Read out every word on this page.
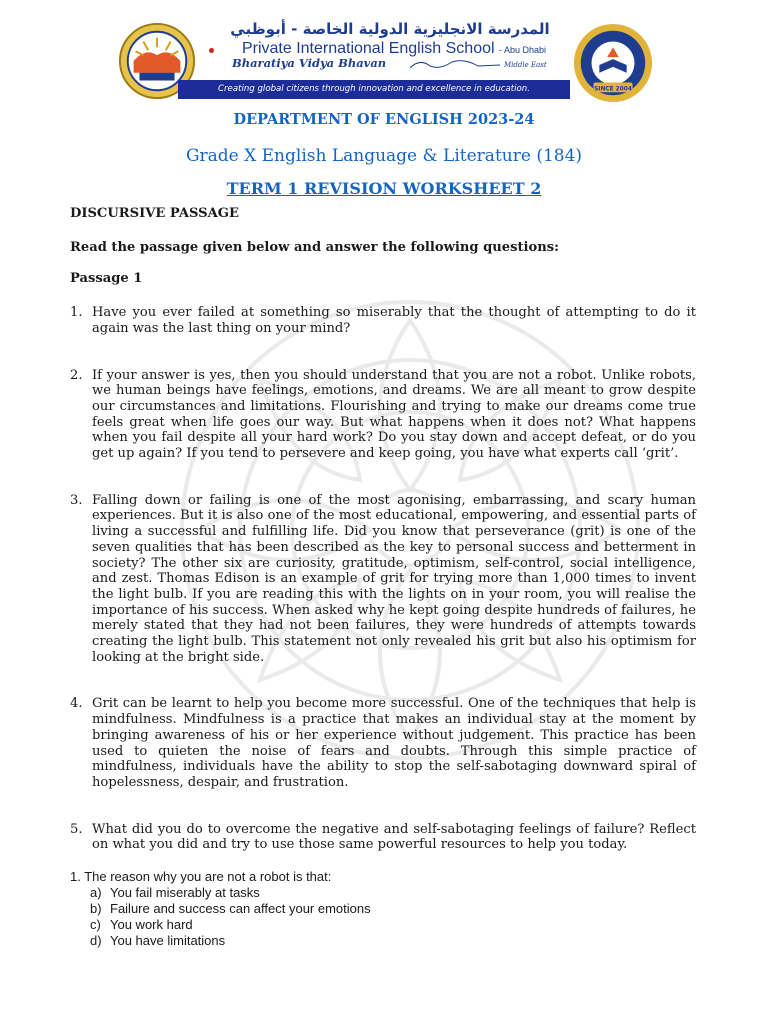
المدرسة الانجليزية الدولية الخاصة - أبوظبي
Private International English School - Abu Dhabi
Bharatiya Vidya Bhavan	Middle East
SINCE 2004
Creating global citizens through innovation and excellence in education.
DEPARTMENT OF ENGLISH 2023-24
Grade X English Language & Literature (184)
TERM 1 REVISION WORKSHEET 2
DISCURSIVE PASSAGE
Read the passage given below and answer the following questions:
Passage 1
1. Have you ever failed at something so miserably that the thought of attempting to do it again was the last thing on your mind?
2. If your answer is yes, then you should understand that you are not a robot. Unlike robots, we human beings have feelings, emotions, and dreams. We are all meant to grow despite our circumstances and limitations. Flourishing and trying to make our dreams come true feels great when life goes our way. But what happens when it does not? What happens when you fail despite all your hard work? Do you stay down and accept defeat, or do you get up again? If you tend to persevere and keep going, you have what experts call ‘grit’.
3. Falling down or failing is one of the most agonising, embarrassing, and scary human experiences. But it is also one of the most educational, empowering, and essential parts of living a successful and fulfilling life. Did you know that perseverance (grit) is one of the seven qualities that has been described as the key to personal success and betterment in society? The other six are curiosity, gratitude, optimism, self-control, social intelligence, and zest. Thomas Edison is an example of grit for trying more than 1,000 times to invent the light bulb. If you are reading this with the lights on in your room, you will realise the importance of his success. When asked why he kept going despite hundreds of failures, he merely stated that they had not been failures, they were hundreds of attempts towards creating the light bulb. This statement not only revealed his grit but also his optimism for looking at the bright side.
4. Grit can be learnt to help you become more successful. One of the techniques that help is mindfulness. Mindfulness is a practice that makes an individual stay at the moment by bringing awareness of his or her experience without judgement. This practice has been used to quieten the noise of fears and doubts. Through this simple practice of mindfulness, individuals have the ability to stop the self-sabotaging downward spiral of hopelessness, despair, and frustration.
5. What did you do to overcome the negative and self-sabotaging feelings of failure? Reflect on what you did and try to use those same powerful resources to help you today.
1. The reason why you are not a robot is that:
a) You fail miserably at tasks
b) Failure and success can affect your emotions
c) You work hard
d) You have limitations
